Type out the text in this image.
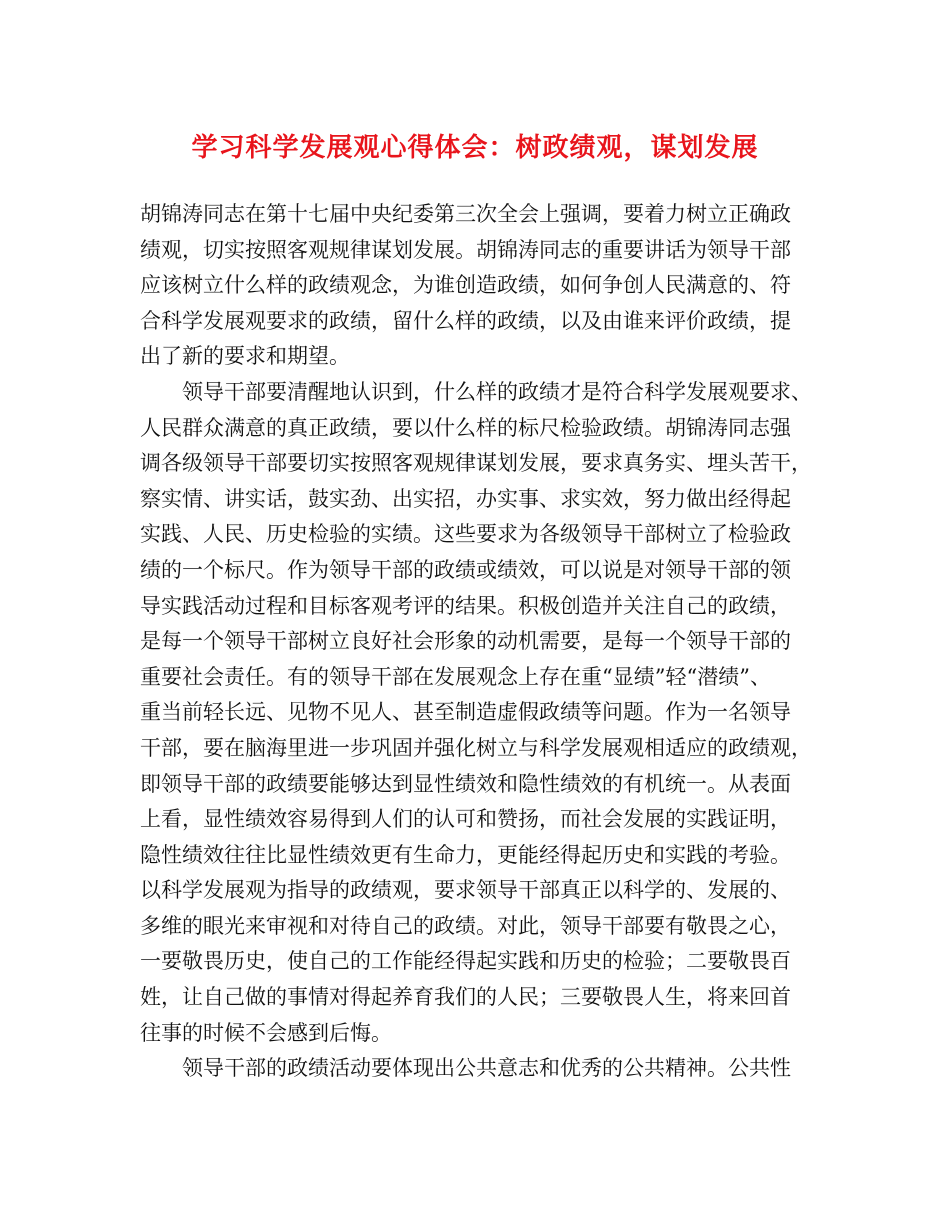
学习科学发展观心得体会：树政绩观，谋划发展
胡锦涛同志在第十七届中央纪委第三次全会上强调，要着力树立正确政
绩观，切实按照客观规律谋划发展。胡锦涛同志的重要讲话为领导干部
应该树立什么样的政绩观念，为谁创造政绩，如何争创人民满意的、符
合科学发展观要求的政绩，留什么样的政绩，以及由谁来评价政绩，提
出了新的要求和期望。
领导干部要清醒地认识到，什么样的政绩才是符合科学发展观要求、
人民群众满意的真正政绩，要以什么样的标尺检验政绩。胡锦涛同志强
调各级领导干部要切实按照客观规律谋划发展，要求真务实、埋头苦干，
察实情、讲实话，鼓实劲、出实招，办实事、求实效，努力做出经得起
实践、人民、历史检验的实绩。这些要求为各级领导干部树立了检验政
绩的一个标尺。作为领导干部的政绩或绩效，可以说是对领导干部的领
导实践活动过程和目标客观考评的结果。积极创造并关注自己的政绩，
是每一个领导干部树立良好社会形象的动机需要，是每一个领导干部的
重要社会责任。有的领导干部在发展观念上存在重“显绩”轻“潜绩”、
重当前轻长远、见物不见人、甚至制造虚假政绩等问题。作为一名领导
干部，要在脑海里进一步巩固并强化树立与科学发展观相适应的政绩观，
即领导干部的政绩要能够达到显性绩效和隐性绩效的有机统一。从表面
上看，显性绩效容易得到人们的认可和赞扬，而社会发展的实践证明，
隐性绩效往往比显性绩效更有生命力，更能经得起历史和实践的考验。
以科学发展观为指导的政绩观，要求领导干部真正以科学的、发展的、
多维的眼光来审视和对待自己的政绩。对此，领导干部要有敬畏之心，
一要敬畏历史，使自己的工作能经得起实践和历史的检验；二要敬畏百
姓，让自己做的事情对得起养育我们的人民；三要敬畏人生，将来回首
往事的时候不会感到后悔。
领导干部的政绩活动要体现出公共意志和优秀的公共精神。公共性
